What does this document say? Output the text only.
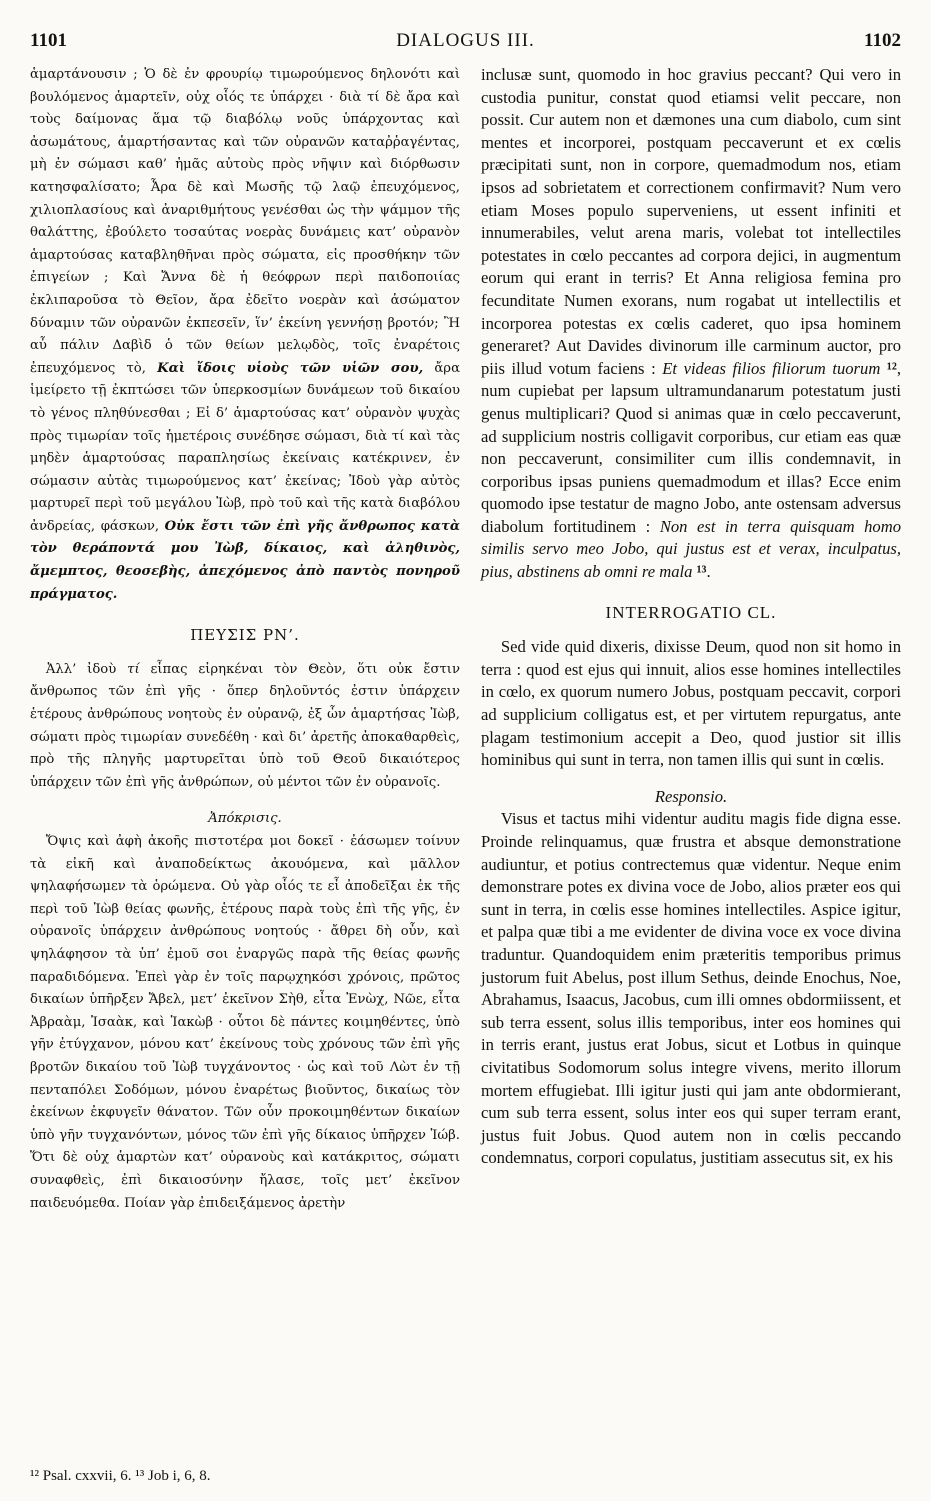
1101	DIALOGUS III.	1102

ἁμαρτάνουσιν ; Ὁ δὲ ἐν φρουρίῳ τιμωρούμενος δηλονότι καὶ βουλόμενος ἁμαρτεῖν, οὐχ οἷός τε ὑπάρχει · διὰ τί δὲ ἄρα καὶ τοὺς δαίμονας ἅμα τῷ διαβόλῳ νοῦς ὑπάρχοντας καὶ ἀσωμάτους, ἁμαρτήσαντας καὶ τῶν οὐρανῶν καταῤῥαγέντας, μὴ ἐν σώμασι καθ’ ἡμᾶς αὐτοὺς πρὸς νῆψιν καὶ διόρθωσιν κατησφαλίσατο; Ἆρα δὲ καὶ Μωσῆς τῷ λαῷ ἐπευχόμενος, χιλιοπλασίους καὶ ἀναριθμήτους γενέσθαι ὡς τὴν ψάμμον τῆς θαλάττης, ἐβούλετο τοσαύτας νοερὰς δυνάμεις κατ’ οὐρανὸν ἁμαρτούσας καταβληθῆναι πρὸς σώματα, εἰς προσθήκην τῶν ἐπιγείων ; Καὶ Ἄννα δὲ ἡ θεόφρων περὶ παιδοποιίας ἐκλιπαροῦσα τὸ Θεῖον, ἄρα ἐδεῖτο νοερὰν καὶ ἀσώματον δύναμιν τῶν οὐρανῶν ἐκπεσεῖν, ἵν’ ἐκείνη γεννήσῃ βροτόν; Ἢ αὖ πάλιν Δαβὶδ ὁ τῶν θείων μελῳδὸς, τοῖς ἐναρέτοις ἐπευχόμενος τὸ, Καὶ ἴδοις υἱοὺς τῶν υἱῶν σου, ἄρα ἱμείρετο τῇ ἐκπτώσει τῶν ὑπερκοσμίων δυνάμεων τοῦ δικαίου τὸ γένος πληθύνεσθαι ; Εἰ δ’ ἁμαρτούσας κατ’ οὐρανὸν ψυχὰς πρὸς τιμωρίαν τοῖς ἡμετέροις συνέδησε σώμασι, διὰ τί καὶ τὰς μηδὲν ἁμαρτούσας παραπλησίως ἐκείναις κατέκρινεν, ἐν σώμασιν αὐτὰς τιμωρούμενος κατ’ ἐκείνας; Ἰδοὺ γὰρ αὐτὸς μαρτυρεῖ περὶ τοῦ μεγάλου Ἰὼβ, πρὸ τοῦ καὶ τῆς κατὰ διαβόλου ἀνδρείας, φάσκων, Οὐκ ἔστι τῶν ἐπὶ γῆς ἄνθρωπος κατὰ τὸν θεράποντά μου Ἰὼβ, δίκαιος, καὶ ἀληθινὸς, ἄμεμπτος, θεοσεβὴς, ἀπεχόμενος ἀπὸ παντὸς πονηροῦ πράγματος.

ΠΕΥΣΙΣ ΡΝ’.

Ἀλλ’ ἰδοὺ τί εἶπας εἰρηκέναι τὸν Θεὸν, ὅτι οὐκ ἔστιν ἄνθρωπος τῶν ἐπὶ γῆς · ὅπερ δηλοῦντός ἐστιν ὑπάρχειν ἑτέρους ἀνθρώπους νοητοὺς ἐν οὐρανῷ, ἐξ ὧν ἁμαρτήσας Ἰὼβ, σώματι πρὸς τιμωρίαν συνεδέθη · καὶ δι’ ἀρετῆς ἀποκαθαρθεὶς, πρὸ τῆς πληγῆς μαρτυρεῖται ὑπὸ τοῦ Θεοῦ δικαιότερος ὑπάρχειν τῶν ἐπὶ γῆς ἀνθρώπων, οὐ μέντοι τῶν ἐν οὐρανοῖς.

Ἀπόκρισις.

Ὄψις καὶ ἀφὴ ἀκοῆς πιστοτέρα μοι δοκεῖ · ἐάσωμεν τοίνυν τὰ εἰκῆ καὶ ἀναποδείκτως ἀκουόμενα, καὶ μᾶλλον ψηλαφήσωμεν τὰ ὁρώμενα. Οὐ γὰρ οἷός τε εἶ ἀποδεῖξαι ἐκ τῆς περὶ τοῦ Ἰὼβ θείας φωνῆς, ἑτέρους παρὰ τοὺς ἐπὶ τῆς γῆς, ἐν οὐρανοῖς ὑπάρχειν ἀνθρώπους νοητούς · ἄθρει δὴ οὖν, καὶ ψηλάφησον τὰ ὑπ’ ἐμοῦ σοι ἐναργῶς παρὰ τῆς θείας φωνῆς παραδιδόμενα. Ἐπεὶ γὰρ ἐν τοῖς παρῳχηκόσι χρόνοις, πρῶτος δικαίων ὑπῆρξεν Ἄβελ, μετ’ ἐκεῖνον Σὴθ, εἶτα Ἐνὼχ, Νῶε, εἶτα Ἀβραὰμ, Ἰσαὰκ, καὶ Ἰακὼβ · οὗτοι δὲ πάντες κοιμηθέντες, ὑπὸ γῆν ἐτύγχανον, μόνου κατ’ ἐκείνους τοὺς χρόνους τῶν ἐπὶ γῆς βροτῶν δικαίου τοῦ Ἰὼβ τυγχάνοντος · ὡς καὶ τοῦ Λὼτ ἐν τῇ πενταπόλει Σοδόμων, μόνου ἐναρέτως βιοῦντος, δικαίως τὸν ἐκείνων ἐκφυγεῖν θάνατον. Τῶν οὖν προκοιμηθέντων δικαίων ὑπὸ γῆν τυγχανόντων, μόνος τῶν ἐπὶ γῆς δίκαιος ὑπῆρχεν Ἰώβ. Ὅτι δὲ οὐχ ἁμαρτὼν κατ’ οὐρανοὺς καὶ κατάκριτος, σώματι συναφθεὶς, ἐπὶ δικαιοσύνην ἤλασε, τοῖς μετ’ ἐκεῖνον παιδευόμεθα. Ποίαν γὰρ ἐπιδειξάμενος ἀρετὴν

inclusæ sunt, quomodo in hoc gravius peccant? Qui vero in custodia punitur, constat quod etiamsi velit peccare, non possit. Cur autem non et dæmones una cum diabolo, cum sint mentes et incorporei, postquam peccaverunt et ex cœlis præcipitati sunt, non in corpore, quemadmodum nos, etiam ipsos ad sobrietatem et correctionem confirmavit? Num vero etiam Moses populo superveniens, ut essent infiniti et innumerabiles, velut arena maris, volebat tot intellectiles potestates in cœlo peccantes ad corpora dejici, in augmentum eorum qui erant in terris? Et Anna religiosa femina pro fecunditate Numen exorans, num rogabat ut intellectilis et incorporea potestas ex cœlis caderet, quo ipsa hominem generaret? Aut Davides divinorum ille carminum auctor, pro piis illud votum faciens : Et videas filios filiorum tuorum ¹², num cupiebat per lapsum ultramundanarum potestatum justi genus multiplicari? Quod si animas quæ in cœlo peccaverunt, ad supplicium nostris colligavit corporibus, cur etiam eas quæ non peccaverunt, consimiliter cum illis condemnavit, in corporibus ipsas puniens quemadmodum et illas? Ecce enim quomodo ipse testatur de magno Jobo, ante ostensam adversus diabolum fortitudinem : Non est in terra quisquam homo similis servo meo Jobo, qui justus est et verax, inculpatus, pius, abstinens ab omni re mala ¹³.

INTERROGATIO CL.

Sed vide quid dixeris, dixisse Deum, quod non sit homo in terra : quod est ejus qui innuit, alios esse homines intellectiles in cœlo, ex quorum numero Jobus, postquam peccavit, corpori ad supplicium colligatus est, et per virtutem repurgatus, ante plagam testimonium accepit a Deo, quod justior sit illis hominibus qui sunt in terra, non tamen illis qui sunt in cœlis.

Responsio.

Visus et tactus mihi videntur auditu magis fide digna esse. Proinde relinquamus, quæ frustra et absque demonstratione audiuntur, et potius contrectemus quæ videntur. Neque enim demonstrare potes ex divina voce de Jobo, alios præter eos qui sunt in terra, in cœlis esse homines intellectiles. Aspice igitur, et palpa quæ tibi a me evidenter de divina voce ex voce divina traduntur. Quandoquidem enim præteritis temporibus primus justorum fuit Abelus, post illum Sethus, deinde Enochus, Noe, Abrahamus, Isaacus, Jacobus, cum illi omnes obdormiissent, et sub terra essent, solus illis temporibus, inter eos homines qui in terris erant, justus erat Jobus, sicut et Lotbus in quinque civitatibus Sodomorum solus integre vivens, merito illorum mortem effugiebat. Illi igitur justi qui jam ante obdormierant, cum sub terra essent, solus inter eos qui super terram erant, justus fuit Jobus. Quod autem non in cœlis peccando condemnatus, corpori copulatus, justitiam assecutus sit, ex his

¹² Psal. cxxvii, 6. ¹³ Job i, 6, 8.
